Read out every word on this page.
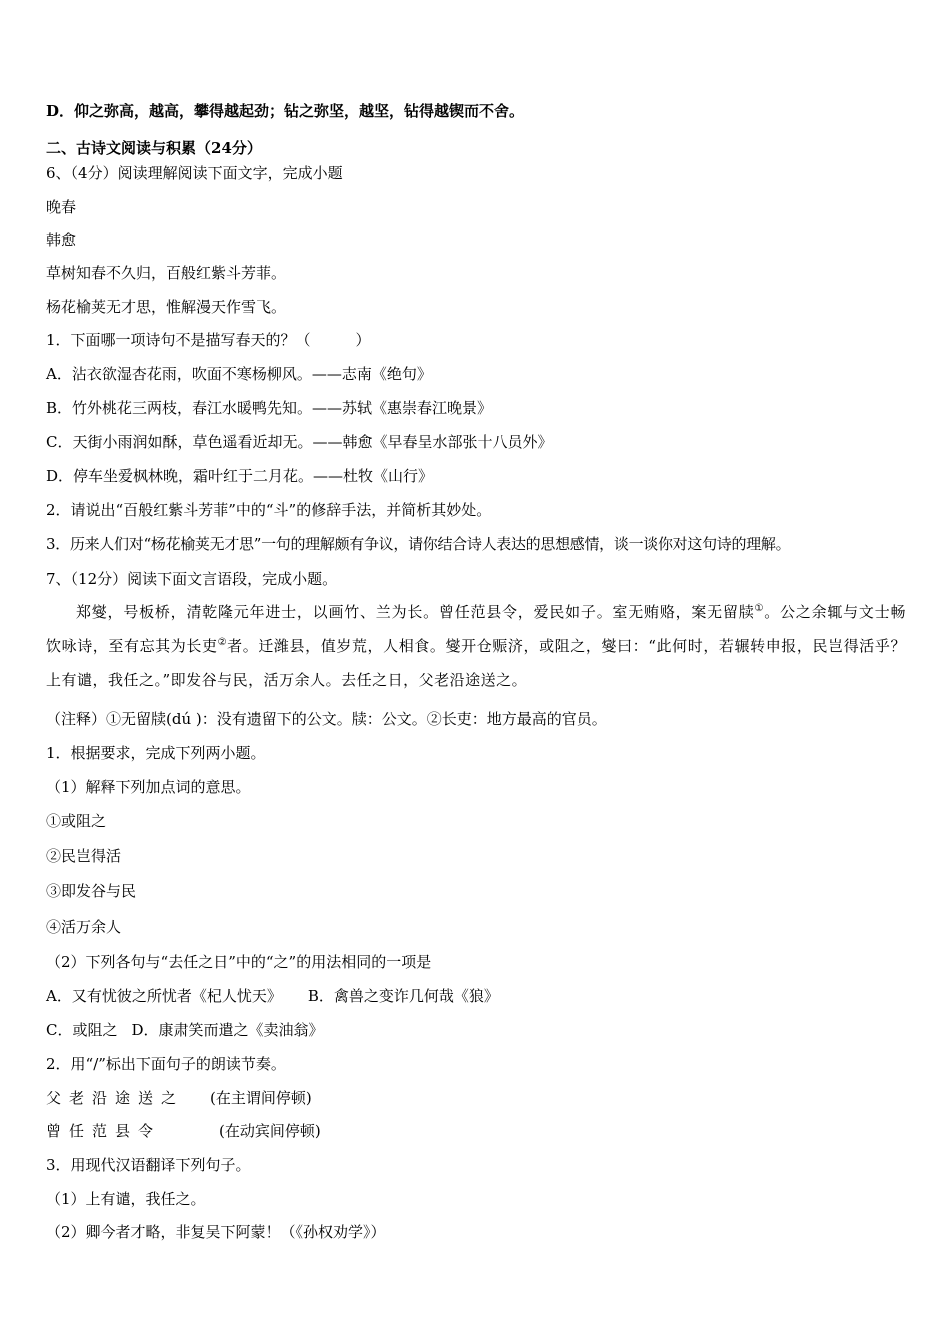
D．仰之弥高，越高，攀得越起劲；钻之弥坚，越坚，钻得越锲而不舍。
二、古诗文阅读与积累（24分）
6、（4分）阅读理解阅读下面文字，完成小题
晚春
韩愈
草树知春不久归，百般红紫斗芳菲。
杨花榆荚无才思，惟解漫天作雪飞。
1．下面哪一项诗句不是描写春天的？（　　　）
A．沾衣欲湿杏花雨，吹面不寒杨柳风。——志南《绝句》
B．竹外桃花三两枝，春江水暖鸭先知。——苏轼《惠崇春江晚景》
C．天街小雨润如酥，草色遥看近却无。——韩愈《早春呈水部张十八员外》
D．停车坐爱枫林晚，霜叶红于二月花。——杜牧《山行》
2．请说出“百般红紫斗芳菲”中的“斗”的修辞手法，并简析其妙处。
3．历来人们对“杨花榆荚无才思”一句的理解颇有争议，请你结合诗人表达的思想感情，谈一谈你对这句诗的理解。
7、（12分）阅读下面文言语段，完成小题。
郑燮，号板桥，清乾隆元年进士，以画竹、兰为长。曾任范县令，爱民如子。室无贿赂，案无留牍①。公之余辄与文士畅饮咏诗，至有忘其为长吏②者。迁潍县，值岁荒，人相食。燮开仓赈济，或阻之，燮曰：“此何时，若辗转申报，民岂得活乎？上有谴，我任之。”即发谷与民，活万余人。去任之日，父老沿途送之。
（注释）①无留牍(dú )：没有遗留下的公文。牍：公文。②长吏：地方最高的官员。
1．根据要求，完成下列两小题。
（1）解释下列加点词的意思。
①或阻之
②民岂得活
③即发谷与民
④活万余人
（2）下列各句与“去任之日”中的“之”的用法相同的一项是
A．又有忧彼之所忧者《杞人忧天》 B．禽兽之变诈几何哉《狼》
C．或阻之 D．康肃笑而遣之《卖油翁》
2．用“/”标出下面句子的朗读节奏。
父老沿途送之 (在主谓间停顿)
曾任范县令	(在动宾间停顿)
3．用现代汉语翻译下列句子。
（1）上有谴，我任之。
（2）卿今者才略，非复吴下阿蒙！（《孙权劝学》）
